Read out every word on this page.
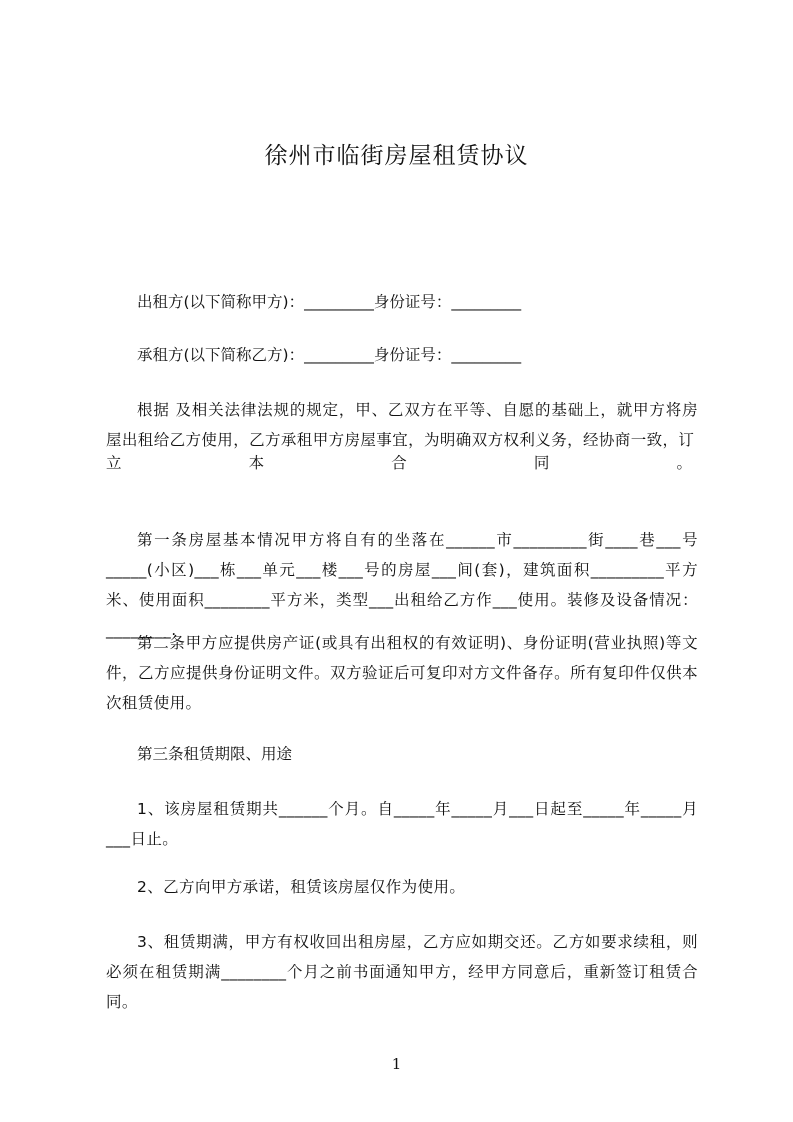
徐州市临街房屋租赁协议
出租方(以下简称甲方)：_________身份证号：_________
承租方(以下简称乙方)：_________身份证号：_________
根据 及相关法律法规的规定，甲、乙双方在平等、自愿的基础上，就甲方将房屋出租给乙方使用，乙方承租甲方房屋事宜，为明确双方权利义务，经协商一致，订
立	本	合	同	。
第一条房屋基本情况甲方将自有的坐落在______市_________街____巷___号_____(小区)___栋___单元___楼___号的房屋___间(套)，建筑面积_________平方米、使用面积________平方米，类型___出租给乙方作___使用。装修及设备情况：________.
第二条甲方应提供房产证(或具有出租权的有效证明)、身份证明(营业执照)等文件，乙方应提供身份证明文件。双方验证后可复印对方文件备存。所有复印件仅供本次租赁使用。
第三条租赁期限、用途
1、该房屋租赁期共______个月。自_____年_____月___日起至_____年_____月___日止。
2、乙方向甲方承诺，租赁该房屋仅作为使用。
3、租赁期满，甲方有权收回出租房屋，乙方应如期交还。乙方如要求续租，则必须在租赁期满________个月之前书面通知甲方，经甲方同意后，重新签订租赁合同。
1
